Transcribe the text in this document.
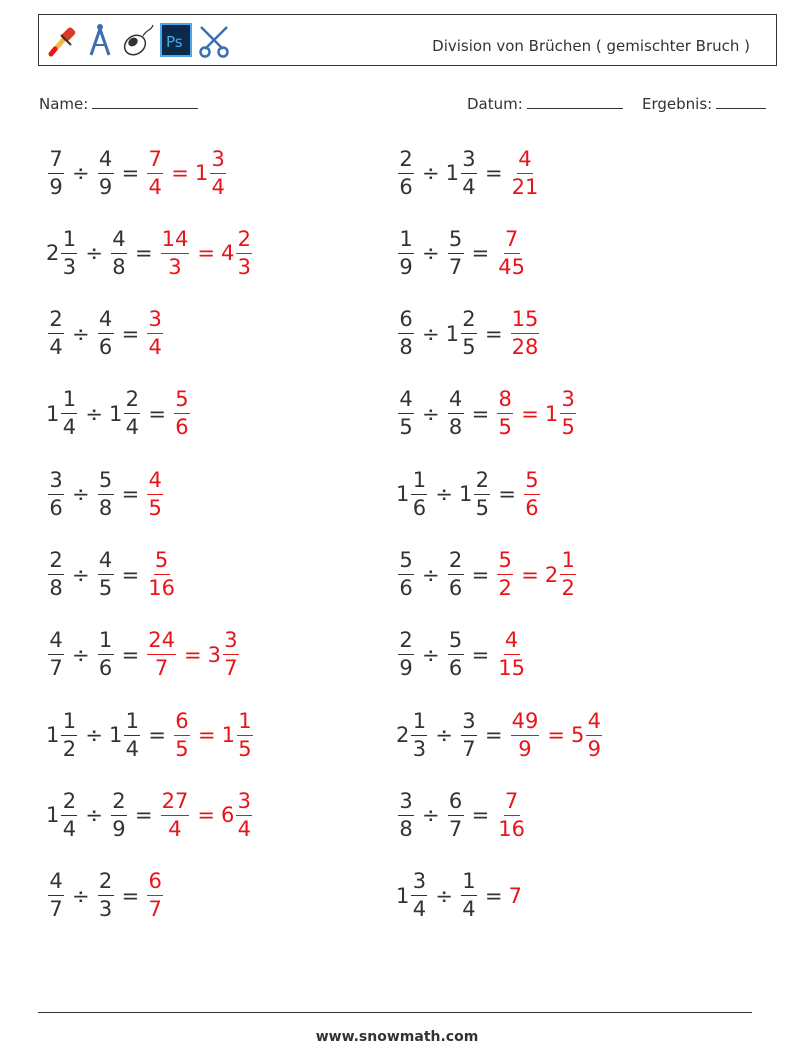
Ps	Division von Brüchen ( gemischter Bruch )
Name:	Datum:	Ergebnis:
$\frac{7}{9} \div \frac{4}{9} = \frac{7}{4} = 1 \frac{3}{4}$	$\frac{2}{6} \div 1 \frac{3}{4} = \frac{4}{21}$
$2 \frac{1}{3} \div \frac{4}{8} = \frac{14}{3} = 4 \frac{2}{3}$	$\frac{1}{9} \div \frac{5}{7} = \frac{7}{45}$
$\frac{2}{4} \div \frac{4}{6} = \frac{3}{4}$	$\frac{6}{8} \div 1 \frac{2}{5} = \frac{15}{28}$
$1 \frac{1}{4} \div 1 \frac{2}{4} = \frac{5}{6}$	$\frac{4}{5} \div \frac{4}{8} = \frac{8}{5} = 1 \frac{3}{5}$
$\frac{3}{6} \div \frac{5}{8} = \frac{4}{5}$	$1 \frac{1}{6} \div 1 \frac{2}{5} = \frac{5}{6}$
$\frac{2}{8} \div \frac{4}{5} = \frac{5}{16}$	$\frac{5}{6} \div \frac{2}{6} = \frac{5}{2} = 2 \frac{1}{2}$
$\frac{4}{7} \div \frac{1}{6} = \frac{24}{7} = 3 \frac{3}{7}$	$\frac{2}{9} \div \frac{5}{6} = \frac{4}{15}$
$1 \frac{1}{2} \div 1 \frac{1}{4} = \frac{6}{5} = 1 \frac{1}{5}$	$2 \frac{1}{3} \div \frac{3}{7} = \frac{49}{9} = 5 \frac{4}{9}$
$1 \frac{2}{4} \div \frac{2}{9} = \frac{27}{4} = 6 \frac{3}{4}$	$\frac{3}{8} \div \frac{6}{7} = \frac{7}{16}$
$\frac{4}{7} \div \frac{2}{3} = \frac{6}{7}$	$1 \frac{3}{4} \div \frac{1}{4} = 7$
www.snowmath.com
